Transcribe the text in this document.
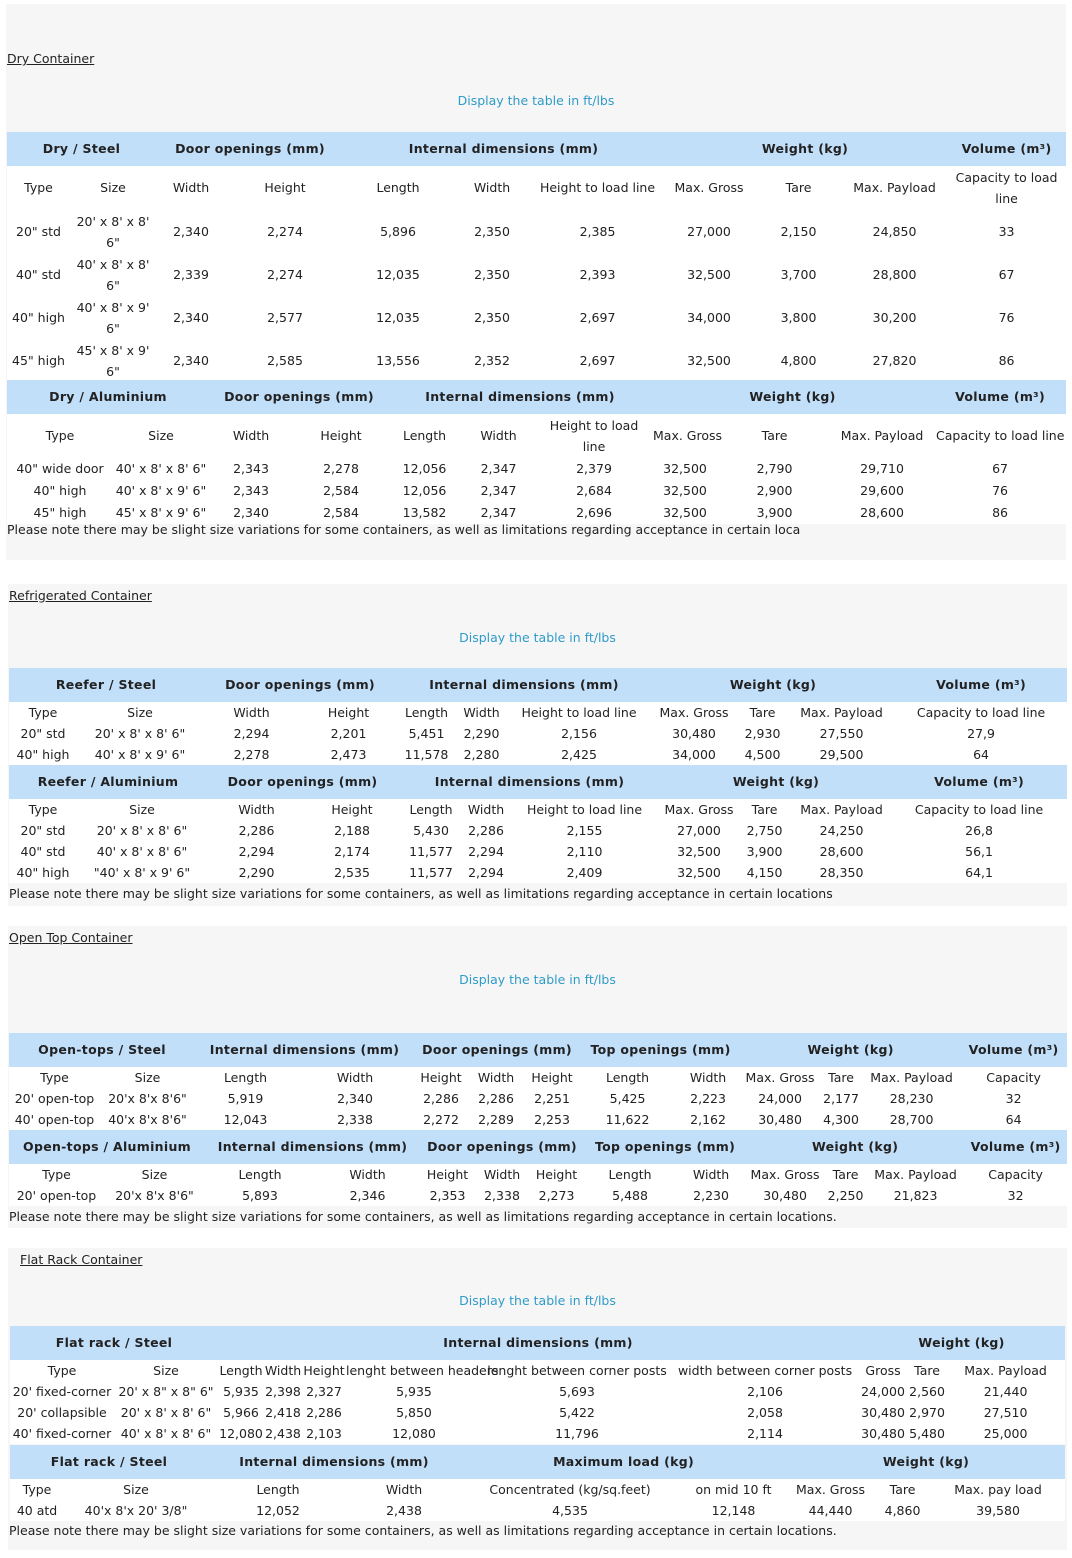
Dry Container
Display the table in ft/lbs
Dry / Steel		Door openings (mm)		Internal dimensions (mm)			Weight (kg)			Volume (m³)
Type	Size	Width	Height	Length	Width	Height to load line	Max. Gross	Tare	Max. Payload	Capacity to load line
20" std	20' x 8' x 8' 6"	2,340	2,274	5,896	2,350	2,385	27,000	2,150	24,850	33
40" std	40' x 8' x 8' 6"	2,339	2,274	12,035	2,350	2,393	32,500	3,700	28,800	67
40" high	40' x 8' x 9' 6"	2,340	2,577	12,035	2,350	2,697	34,000	3,800	30,200	76
45" high	45' x 8' x 9' 6"	2,340	2,585	13,556	2,352	2,697	32,500	4,800	27,820	86
Dry / Aluminium		Door openings (mm)		Internal dimensions (mm)			Weight (kg)			Volume (m³)
Type	Size	Width	Height	Length	Width	Height to load line	Max. Gross	Tare	Max. Payload	Capacity to load line
40" wide door	40' x 8' x 8' 6"	2,343	2,278	12,056	2,347	2,379	32,500	2,790	29,710	67
40" high	40' x 8' x 9' 6"	2,343	2,584	12,056	2,347	2,684	32,500	2,900	29,600	76
45" high	45' x 8' x 9' 6"	2,340	2,584	13,582	2,347	2,696	32,500	3,900	28,600	86
Please note there may be slight size variations for some containers, as well as limitations regarding acceptance in certain loca
Refrigerated Container
Display the table in ft/lbs
Reefer / Steel		Door openings (mm)		Internal dimensions (mm)			Weight (kg)			Volume (m³)
Type	Size	Width	Height	Length	Width	Height to load line	Max. Gross	Tare	Max. Payload	Capacity to load line
20" std	20' x 8' x 8' 6"	2,294	2,201	5,451	2,290	2,156	30,480	2,930	27,550	27,9
40" high	40' x 8' x 9' 6"	2,278	2,473	11,578	2,280	2,425	34,000	4,500	29,500	64
Reefer / Aluminium		Door openings (mm)		Internal dimensions (mm)			Weight (kg)			Volume (m³)
Type	Size	Width	Height	Length	Width	Height to load line	Max. Gross	Tare	Max. Payload	Capacity to load line
20" std	20' x 8' x 8' 6"	2,286	2,188	5,430	2,286	2,155	27,000	2,750	24,250	26,8
40" std	40' x 8' x 8' 6"	2,294	2,174	11,577	2,294	2,110	32,500	3,900	28,600	56,1
40" high	"40' x 8' x 9' 6"	2,290	2,535	11,577	2,294	2,409	32,500	4,150	28,350	64,1
Please note there may be slight size variations for some containers, as well as limitations regarding acceptance in certain locations
Open Top Container
Display the table in ft/lbs
Open-tops / Steel		Internal dimensions (mm)		Door openings (mm)			Top openings (mm)		Weight (kg)			Volume (m³)
Type	Size	Length	Width	Height	Width	Height	Length	Width	Max. Gross	Tare	Max. Payload	Capacity
20' open-top	20'x 8'x 8'6"	5,919	2,340	2,286	2,286	2,251	5,425	2,223	24,000	2,177	28,230	32
40' open-top	40'x 8'x 8'6"	12,043	2,338	2,272	2,289	2,253	11,622	2,162	30,480	4,300	28,700	64
Open-tops / Aluminium		Internal dimensions (mm)		Door openings (mm)			Top openings (mm)		Weight (kg)			Volume (m³)
Type	Size	Length	Width	Height	Width	Height	Length	Width	Max. Gross	Tare	Max. Payload	Capacity
20' open-top	20'x 8'x 8'6"	5,893	2,346	2,353	2,338	2,273	5,488	2,230	30,480	2,250	21,823	32
Please note there may be slight size variations for some containers, as well as limitations regarding acceptance in certain locations.
Flat Rack Container
Display the table in ft/lbs
Flat rack / Steel		Internal dimensions (mm)						Weight (kg)		
Type	Size	Length	Width	Height	lenght between headers	lenght between corner posts	width between corner posts	Gross	Tare	Max. Payload
20' fixed-corner	20' x 8" x 8" 6"	5,935	2,398	2,327	5,935	5,693	2,106	24,000	2,560	21,440
20' collapsible	20' x 8' x 8' 6"	5,966	2,418	2,286	5,850	5,422	2,058	30,480	2,970	27,510
40' fixed-corner	40' x 8' x 8' 6"	12,080	2,438	2,103	12,080	11,796	2,114	30,480	5,480	25,000
Flat rack / Steel		Internal dimensions (mm)		Maximum load (kg)		Weight (kg)		
Type	Size	Length	Width	Concentrated (kg/sq.feet)	on mid 10 ft	Max. Gross	Tare	Max. pay load
40 atd	40'x 8'x 20' 3/8"	12,052	2,438	4,535	12,148	44,440	4,860	39,580
Please note there may be slight size variations for some containers, as well as limitations regarding acceptance in certain locations.
